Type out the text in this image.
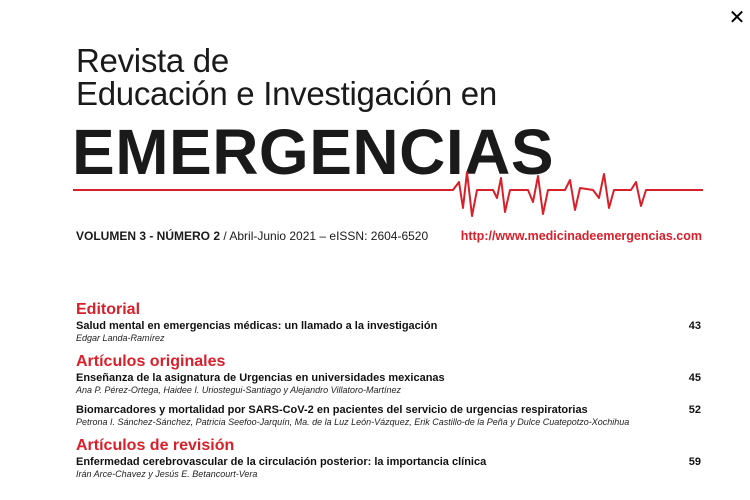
✕
Revista de
Educación e Investigación en
EMERGENCIAS
VOLUMEN 3 - NÚMERO 2 / Abril-Junio 2021 – eISSN: 2604-6520	http://www.medicinadeemergencias.com
Editorial
Salud mental en emergencias médicas: un llamado a la investigación
Edgar Landa-Ramírez
43
Artículos originales
Enseñanza de la asignatura de Urgencias en universidades mexicanas
Ana P. Pérez-Ortega, Haidee I. Uriostegui-Santiago y Alejandro Villatoro-Martínez
45
Biomarcadores y mortalidad por SARS-CoV-2 en pacientes del servicio de urgencias respiratorias
Petrona I. Sánchez-Sánchez, Patricia Seefoo-Jarquín, Ma. de la Luz León-Vázquez, Erik Castillo-de la Peña y Dulce Cuatepotzo-Xochihua
52
Artículos de revisión
Enfermedad cerebrovascular de la circulación posterior: la importancia clínica
Irán Arce-Chavez y Jesús E. Betancourt-Vera
59
